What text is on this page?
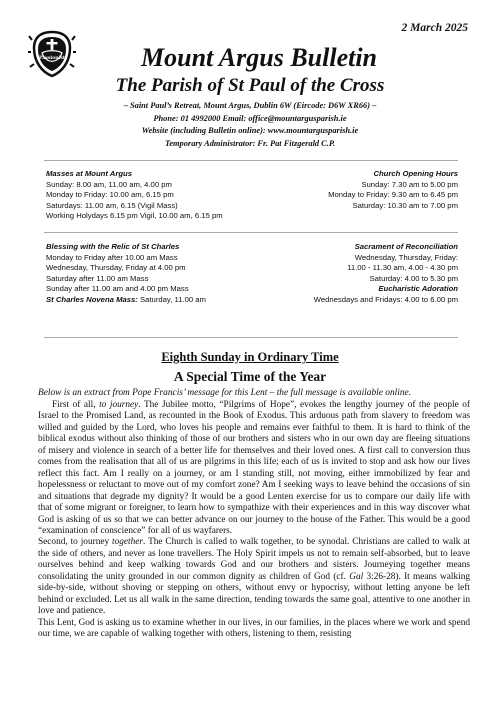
2 March 2025
Passionist	Mount Argus Bulletin
The Parish of St Paul of the Cross
– Saint Paul’s Retreat, Mount Argus, Dublin 6W (Eircode: D6W XR66) –
Phone: 01 4992000 Email: office@mountargusparish.ie
Website (including Bulletin online): www.mountargusparish.ie
Temporary Administrator: Fr. Pat Fitzgerald C.P.
Masses at Mount Argus	Church Opening Hours
Sunday: 8.00 am, 11.00 am, 4.00 pm	Sunday: 7.30 am to 5.00 pm
Monday to Friday: 10.00 am, 6.15 pm	Monday to Friday: 9.30 am to 6.45 pm
Saturdays: 11.00 am, 6.15 (Vigil Mass)	Saturday: 10.30 am to 7.00 pm
Working Holydays 6.15 pm Vigil, 10.00 am, 6.15 pm
Blessing with the Relic of St Charles	Sacrament of Reconciliation
Monday to Friday after 10.00 am Mass	Wednesday, Thursday, Friday:
Wednesday, Thursday, Friday at 4.00 pm	11.00 - 11.30 am, 4.00 - 4.30 pm
Saturday after 11.00 am Mass	Saturday: 4.00 to 5.30 pm
Sunday after 11.00 am and 4.00 pm Mass	Eucharistic Adoration
St Charles Novena Mass: Saturday, 11.00 am	Wednesdays and Fridays: 4.00 to 6.00 pm
Eighth Sunday in Ordinary Time
A Special Time of the Year
Below is an extract from Pope Francis’ message for this Lent – the full message is available online.

First of all, to journey. The Jubilee motto, “Pilgrims of Hope”, evokes the lengthy journey of the people of Israel to the Promised Land, as recounted in the Book of Exodus. This arduous path from slavery to freedom was willed and guided by the Lord, who loves his people and remains ever faithful to them. It is hard to think of the biblical exodus without also thinking of those of our brothers and sisters who in our own day are fleeing situations of misery and violence in search of a better life for themselves and their loved ones. A first call to conversion thus comes from the realisation that all of us are pilgrims in this life; each of us is invited to stop and ask how our lives reflect this fact. Am I really on a journey, or am I standing still, not moving, either immobilized by fear and hopelessness or reluctant to move out of my comfort zone? Am I seeking ways to leave behind the occasions of sin and situations that degrade my dignity? It would be a good Lenten exercise for us to compare our daily life with that of some migrant or foreigner, to learn how to sympathize with their experiences and in this way discover what God is asking of us so that we can better advance on our journey to the house of the Father. This would be a good “examination of conscience” for all of us wayfarers.

Second, to journey together. The Church is called to walk together, to be synodal. Christians are called to walk at the side of others, and never as lone travellers. The Holy Spirit impels us not to remain self-absorbed, but to leave ourselves behind and keep walking towards God and our brothers and sisters. Journeying together means consolidating the unity grounded in our common dignity as children of God (cf. Gal 3:26-28). It means walking side-by-side, without shoving or stepping on others, without envy or hypocrisy, without letting anyone be left behind or excluded. Let us all walk in the same direction, tending towards the same goal, attentive to one another in love and patience.

This Lent, God is asking us to examine whether in our lives, in our families, in the places where we work and spend our time, we are capable of walking together with others, listening to them, resisting
